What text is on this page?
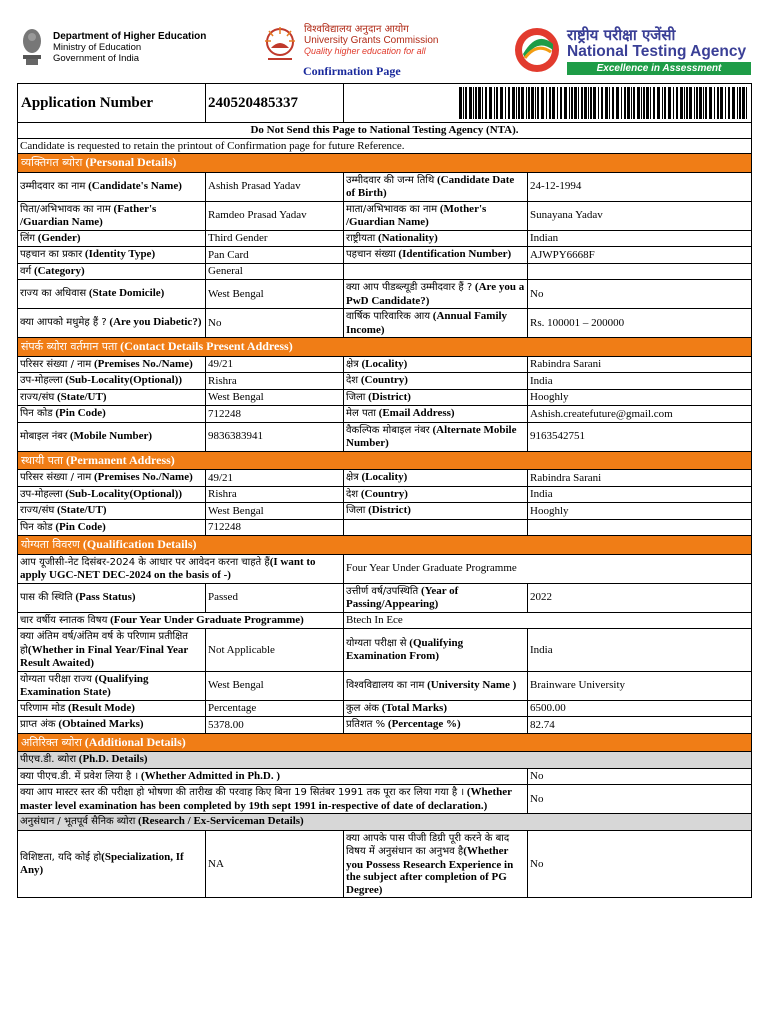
Department of Higher Education
Ministry of Education
Government of India
विश्वविद्यालय अनुदान आयोग
University Grants Commission
Quality higher education for all
Confirmation Page
राष्ट्रीय परीक्षा एजेंसी
National Testing Agency
Excellence in Assessment
Application Number	240520485337	

Do Not Send this Page to National Testing Agency (NTA).			
Candidate is requested to retain the printout of Confirmation page for future Reference.			
व्यक्तिगत ब्योरा (Personal Details)			
उम्मीदवार का नाम (Candidate's Name)	Ashish Prasad Yadav	उम्मीदवार की जन्म तिथि (Candidate Date of Birth)	24-12-1994
पिता/अभिभावक का नाम (Father's /Guardian Name)	Ramdeo Prasad Yadav	माता/अभिभावक का नाम (Mother's /Guardian Name)	Sunayana Yadav
लिंग (Gender)	Third Gender	राष्ट्रीयता (Nationality)	Indian
पहचान का प्रकार (Identity Type)	Pan Card	पहचान संख्या (Identification Number)	AJWPY6668F
वर्ग (Category)	General		
राज्य का अधिवास (State Domicile)	West Bengal	क्या आप पीडब्ल्यूडी उम्मीदवार हैं ? (Are you a PwD Candidate?)	No
क्या आपको मधुमेह हैं ? (Are you Diabetic?)	No	वार्षिक पारिवारिक आय (Annual Family Income)	Rs. 100001 – 200000
संपर्क ब्योरा वर्तमान पता (Contact Details Present Address)			
परिसर संख्या / नाम (Premises No./Name)	49/21	क्षेत्र (Locality)	Rabindra Sarani
उप-मोहल्ला (Sub-Locality(Optional))	Rishra	देश (Country)	India
राज्य/संघ (State/UT)	West Bengal	जिला (District)	Hooghly
पिन कोड (Pin Code)	712248	मेल पता (Email Address)	Ashish.createfuture@gmail.com
मोबाइल नंबर (Mobile Number)	9836383941	वैकल्पिक मोबाइल नंबर (Alternate Mobile Number)	9163542751
स्थायी पता (Permanent Address)			
परिसर संख्या / नाम (Premises No./Name)	49/21	क्षेत्र (Locality)	Rabindra Sarani
उप-मोहल्ला (Sub-Locality(Optional))	Rishra	देश (Country)	India
राज्य/संघ (State/UT)	West Bengal	जिला (District)	Hooghly
पिन कोड (Pin Code)	712248		
योग्यता विवरण (Qualification Details)			
आप यूजीसी-नेट दिसंबर-2024 के आधार पर आवेदन करना चाहते हैं(I want to apply UGC-NET DEC-2024 on the basis of -)		Four Year Under Graduate Programme	
पास की स्थिति (Pass Status)	Passed	उत्तीर्ण वर्ष/उपस्थिति (Year of Passing/Appearing)	2022
चार वर्षीय स्नातक विषय (Four Year Under Graduate Programme)		Btech In Ece	
क्या अंतिम वर्ष/अंतिम वर्ष के परिणाम प्रतीक्षित हो(Whether in Final Year/Final Year Result Awaited)	Not Applicable	योग्यता परीक्षा से (Qualifying Examination From)	India
योग्यता परीक्षा राज्य (Qualifying Examination State)	West Bengal	विश्वविद्यालय का नाम (University Name )	Brainware University
परिणाम मोड (Result Mode)	Percentage	कुल अंक (Total Marks)	6500.00
प्राप्त अंक (Obtained Marks)	5378.00	प्रतिशत % (Percentage %)	82.74
अतिरिक्त ब्योरा (Additional Details)			
पीएच.डी. ब्योरा (Ph.D. Details)			
क्या पीएच.डी. में प्रवेश लिया है । (Whether Admitted in Ph.D. )			No
क्या आप मास्टर स्तर की परीक्षा हो भोषणा की तारीख की परवाह किए बिना 19 सितंबर 1991 तक पूरा कर लिया गया है । (Whether master level examination has been completed by 19th sept 1991 in-respective of date of declaration.)			No
अनुसंधान / भूतपूर्व सैनिक ब्योरा (Research / Ex-Serviceman Details)			
विशिष्टता, यदि कोई हो(Specialization, If Any)	NA	क्या आपके पास पीजी डिग्री पूरी करने के बाद विषय में अनुसंधान का अनुभव है(Whether you Possess Research Experience in the subject after completion of PG Degree)	No
